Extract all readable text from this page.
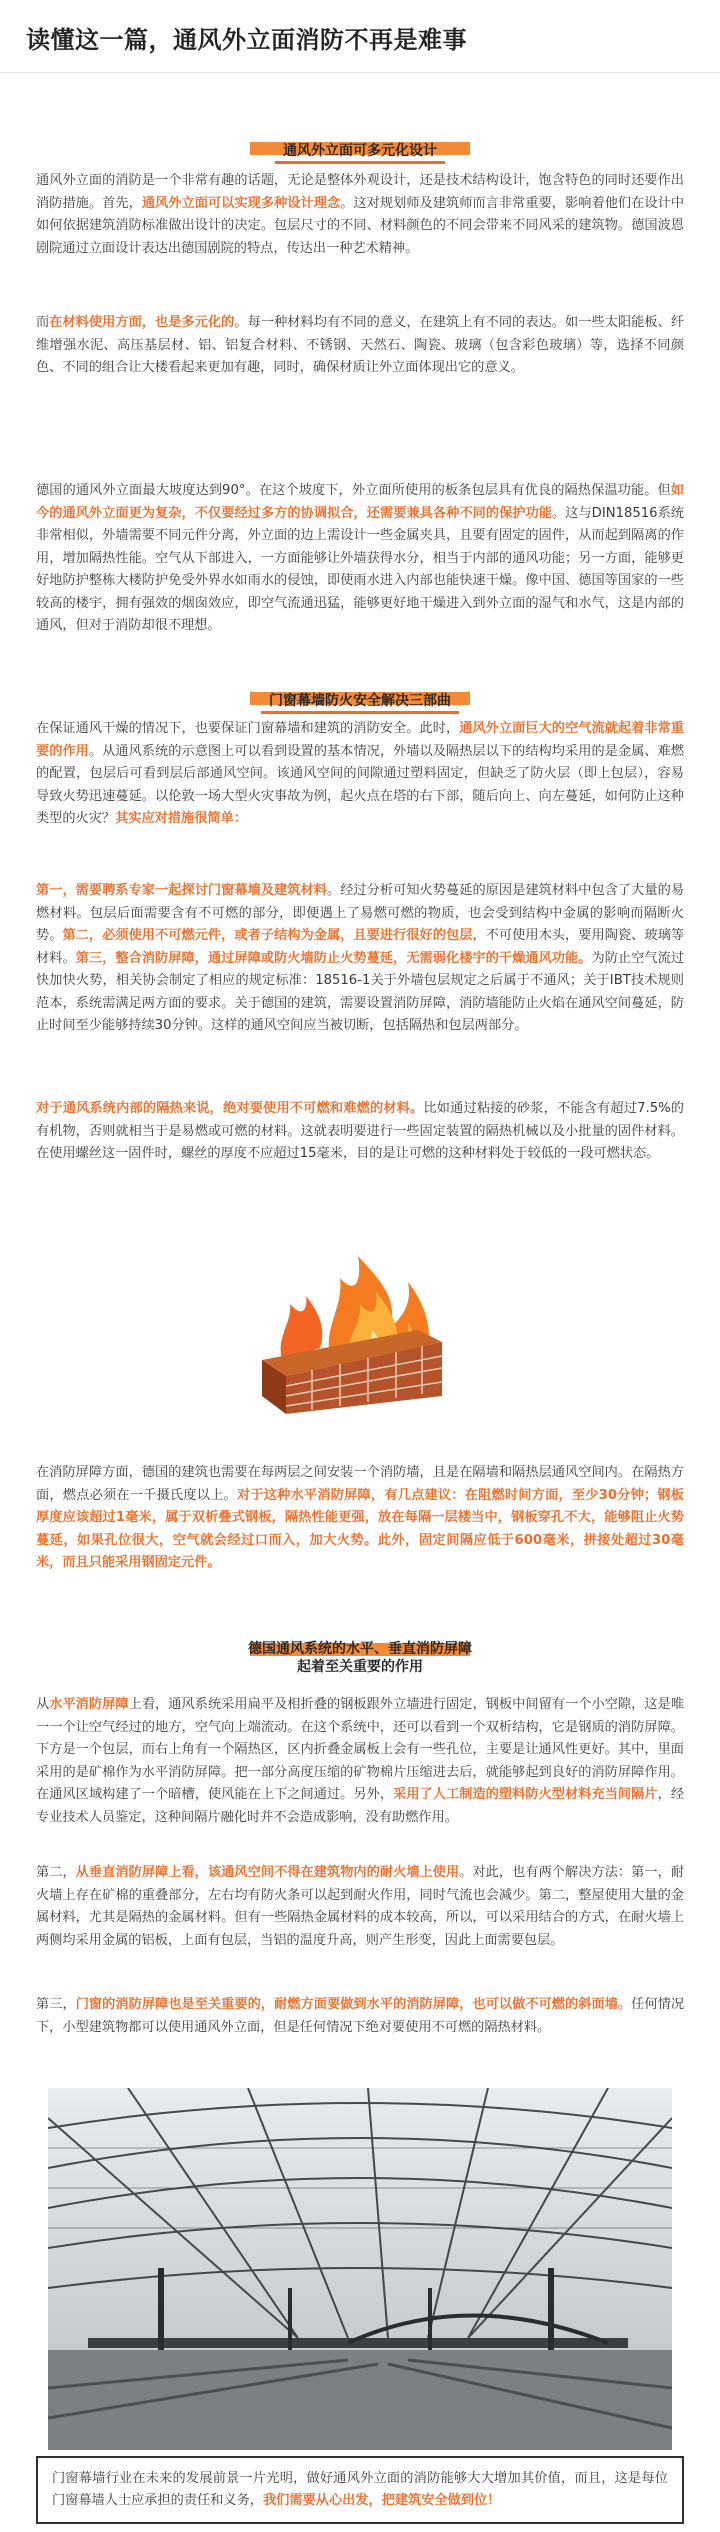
读懂这一篇，通风外立面消防不再是难事
通风外立面可多元化设计

通风外立面的消防是一个非常有趣的话题，无论是整体外观设计，还是技术结构设计，饱含特色的同时还要作出消防措施。首先，通风外立面可以实现多种设计理念。这对规划师及建筑师而言非常重要，影响着他们在设计中如何依据建筑消防标准做出设计的决定。包层尺寸的不同、材料颜色的不同会带来不同风采的建筑物。德国波恩剧院通过立面设计表达出德国剧院的特点，传达出一种艺术精神。

而在材料使用方面，也是多元化的。每一种材料均有不同的意义，在建筑上有不同的表达。如一些太阳能板、纤维增强水泥、高压基层材、铝、铝复合材料、不锈钢、天然石、陶瓷、玻璃（包含彩色玻璃）等，选择不同颜色、不同的组合让大楼看起来更加有趣，同时，确保材质让外立面体现出它的意义。

德国的通风外立面最大坡度达到90°。在这个坡度下，外立面所使用的板条包层具有优良的隔热保温功能。但如今的通风外立面更为复杂，不仅要经过多方的协调拟合，还需要兼具各种不同的保护功能。这与DIN18516系统非常相似，外墙需要不同元件分离，外立面的边上需设计一些金属夹具，且要有固定的固件，从而起到隔离的作用，增加隔热性能。空气从下部进入，一方面能够让外墙获得水分，相当于内部的通风功能；另一方面，能够更好地防护整栋大楼防护免受外界水如雨水的侵蚀，即使雨水进入内部也能快速干燥。像中国、德国等国家的一些较高的楼宇，拥有强效的烟囱效应，即空气流通迅猛，能够更好地干燥进入到外立面的湿气和水气，这是内部的通风，但对于消防却很不理想。

门窗幕墙防火安全解决三部曲

在保证通风干燥的情况下，也要保证门窗幕墙和建筑的消防安全。此时，通风外立面巨大的空气流就起着非常重要的作用。从通风系统的示意图上可以看到设置的基本情况，外墙以及隔热层以下的结构均采用的是金属、难燃的配置，包层后可看到层后部通风空间。该通风空间的间隙通过塑料固定，但缺乏了防火层（即上包层），容易导致火势迅速蔓延。以伦敦一场大型火灾事故为例，起火点在塔的右下部，随后向上、向左蔓延，如何防止这种类型的火灾？其实应对措施很简单：

第一，需要聘系专家一起探讨门窗幕墙及建筑材料。经过分析可知火势蔓延的原因是建筑材料中包含了大量的易燃材料。包层后面需要含有不可燃的部分，即便遇上了易燃可燃的物质，也会受到结构中金属的影响而隔断火势。第二，必须使用不可燃元件，或者子结构为金属，且要进行很好的包层，不可使用木头，要用陶瓷、玻璃等材料。第三，整合消防屏障，通过屏障或防火墙防止火势蔓延，无需弱化楼宇的干燥通风功能。为防止空气流过快加快火势，相关协会制定了相应的规定标准：18516-1关于外墙包层规定之后属于不通风；关于IBT技术规则范本，系统需满足两方面的要求。关于德国的建筑，需要设置消防屏障，消防墙能防止火焰在通风空间蔓延，防止时间至少能够持续30分钟。这样的通风空间应当被切断，包括隔热和包层两部分。

对于通风系统内部的隔热来说，绝对要使用不可燃和难燃的材料。比如通过粘接的砂浆，不能含有超过7.5%的有机物，否则就相当于是易燃或可燃的材料。这就表明要进行一些固定装置的隔热机械以及小批量的固件材料。在使用螺丝这一固件时，螺丝的厚度不应超过15毫米，目的是让可燃的这种材料处于较低的一段可燃状态。

在消防屏障方面，德国的建筑也需要在每两层之间安装一个消防墙，且是在隔墙和隔热层通风空间内。在隔热方面，燃点必须在一千摄氏度以上。对于这种水平消防屏障，有几点建议：在阻燃时间方面，至少30分钟；钢板厚度应该超过1毫米，属于双析叠式钢板，隔热性能更强，放在每隔一层楼当中，钢板穿孔不大，能够阻止火势蔓延，如果孔位很大，空气就会经过口而入，加大火势。此外，固定间隔应低于600毫米，拼接处超过30毫米，而且只能采用钢固定元件。

德国通风系统的水平、垂直消防屏障
起着至关重要的作用

从水平消防屏障上看，通风系统采用扁平及相折叠的钢板跟外立墙进行固定，钢板中间留有一个小空隙，这是唯一一个让空气经过的地方，空气向上端流动。在这个系统中，还可以看到一个双析结构，它是钢质的消防屏障。下方是一个包层，而右上角有一个隔热区，区内折叠金属板上会有一些孔位，主要是让通风性更好。其中，里面采用的是矿棉作为水平消防屏障。把一部分高度压缩的矿物棉片压缩进去后，就能够起到良好的消防屏障作用。在通风区域构建了一个暗槽，使风能在上下之间通过。另外，采用了人工制造的塑料防火型材料充当间隔片，经专业技术人员鉴定，这种间隔片融化时并不会造成影响，没有助燃作用。

第二，从垂直消防屏障上看，该通风空间不得在建筑物内的耐火墙上使用。对此，也有两个解决方法：第一，耐火墙上存在矿棉的重叠部分，左右均有防火条可以起到耐火作用，同时气流也会减少。第二，整屋使用大量的金属材料，尤其是隔热的金属材料。但有一些隔热金属材料的成本较高，所以，可以采用结合的方式，在耐火墙上两侧均采用金属的铝板，上面有包层，当铝的温度升高，则产生形变，因此上面需要包层。

第三，门窗的消防屏障也是至关重要的，耐燃方面要做到水平的消防屏障，也可以做不可燃的斜面墙。任何情况下，小型建筑物都可以使用通风外立面，但是任何情况下绝对要使用不可燃的隔热材料。

门窗幕墙行业在未来的发展前景一片光明，做好通风外立面的消防能够大大增加其价值，而且，这是每位门窗幕墙人士应承担的责任和义务，我们需要从心出发，把建筑安全做到位！
